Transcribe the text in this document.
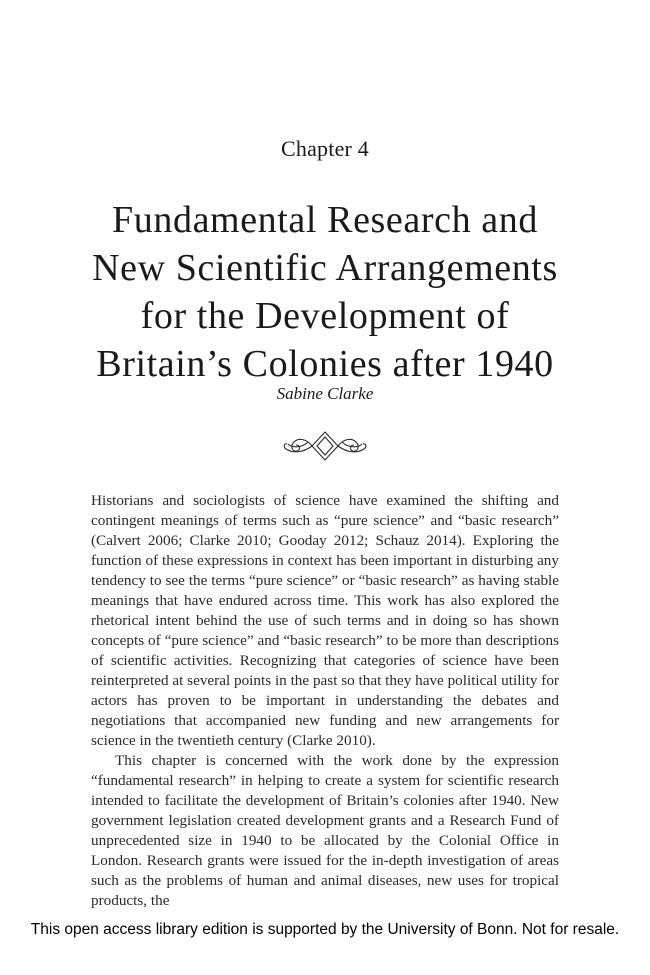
Chapter 4
Fundamental Research and
New Scientific Arrangements
for the Development of
Britain’s Colonies after 1940
Sabine Clarke

Historians and sociologists of science have examined the shifting and contingent meanings of terms such as “pure science” and “basic research” (Calvert 2006; Clarke 2010; Gooday 2012; Schauz 2014). Exploring the function of these expressions in context has been important in disturbing any tendency to see the terms “pure science” or “basic research” as having stable meanings that have endured across time. This work has also explored the rhetorical intent behind the use of such terms and in doing so has shown concepts of “pure science” and “basic research” to be more than descriptions of scientific activities. Recognizing that categories of science have been reinterpreted at several points in the past so that they have political utility for actors has proven to be important in understanding the debates and negotiations that accompanied new funding and new arrangements for science in the twentieth century (Clarke 2010).

This chapter is concerned with the work done by the expression “fundamental research” in helping to create a system for scientific research intended to facilitate the development of Britain’s colonies after 1940. New government legislation created development grants and a Research Fund of unprecedented size in 1940 to be allocated by the Colonial Office in London. Research grants were issued for the in-depth investigation of areas such as the problems of human and animal diseases, new uses for tropical products, the

This open access library edition is supported by the University of Bonn. Not for resale.
